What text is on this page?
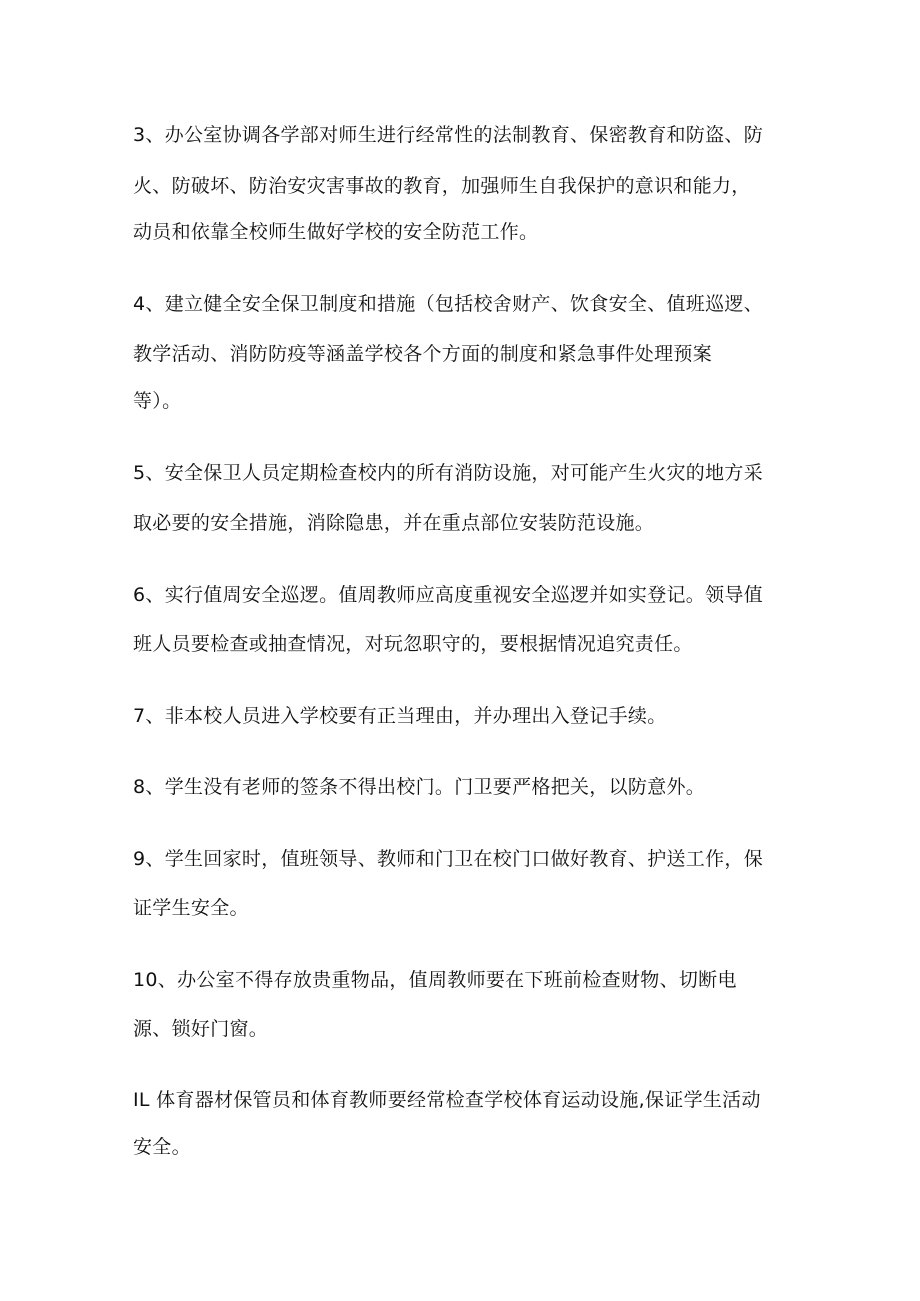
3、办公室协调各学部对师生进行经常性的法制教育、保密教育和防盗、防
火、防破坏、防治安灾害事故的教育，加强师生自我保护的意识和能力，
动员和依靠全校师生做好学校的安全防范工作。
4、建立健全安全保卫制度和措施（包括校舍财产、饮食安全、值班巡逻、
教学活动、消防防疫等涵盖学校各个方面的制度和紧急事件处理预案
等）。
5、安全保卫人员定期检查校内的所有消防设施，对可能产生火灾的地方采
取必要的安全措施，消除隐患，并在重点部位安装防范设施。
6、实行值周安全巡逻。值周教师应高度重视安全巡逻并如实登记。领导值
班人员要检查或抽查情况，对玩忽职守的，要根据情况追究责任。
7、非本校人员进入学校要有正当理由，并办理出入登记手续。
8、学生没有老师的签条不得出校门。门卫要严格把关，以防意外。
9、学生回家时，值班领导、教师和门卫在校门口做好教育、护送工作，保
证学生安全。
10、办公室不得存放贵重物品，值周教师要在下班前检查财物、切断电
源、锁好门窗。
IL 体育器材保管员和体育教师要经常检查学校体育运动设施,保证学生活动
安全。
